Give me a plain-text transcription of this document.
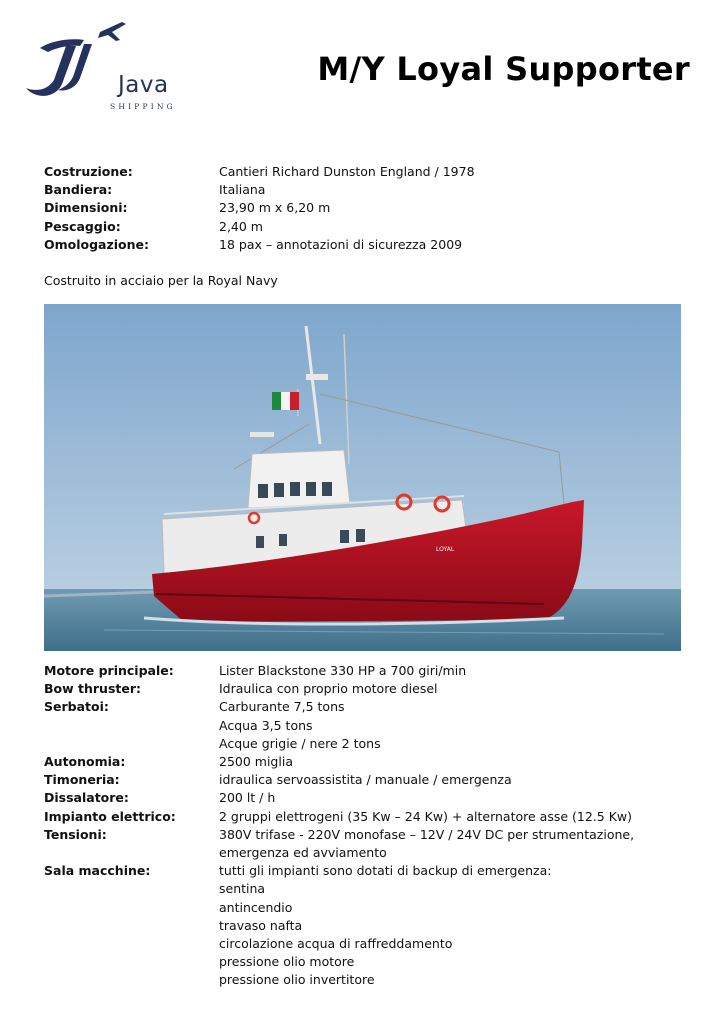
Java
SHIPPING
M/Y Loyal Supporter
Costruzione:	Cantieri Richard Dunston England / 1978
Bandiera:	Italiana
Dimensioni:	23,90 m x 6,20 m
Pescaggio:	2,40 m
Omologazione:	18 pax – annotazioni di sicurezza 2009
Costruito in acciaio per la Royal Navy
LOYAL
Motore principale:	Lister Blackstone 330 HP a 700 giri/min
Bow thruster:	Idraulica con proprio motore diesel
Serbatoi:	Carburante 7,5 tons
Acqua 3,5 tons
Acque grigie / nere 2 tons
Autonomia:	2500 miglia
Timoneria:	idraulica servoassistita / manuale / emergenza
Dissalatore:	200 lt / h
Impianto elettrico:	2 gruppi elettrogeni (35 Kw – 24 Kw) + alternatore asse (12.5 Kw)
Tensioni:	380V trifase - 220V monofase – 12V / 24V DC per strumentazione,
emergenza ed avviamento
Sala macchine:	tutti gli impianti sono dotati di backup di emergenza:
sentina
antincendio
travaso nafta
circolazione acqua di raffreddamento
pressione olio motore
pressione olio invertitore
